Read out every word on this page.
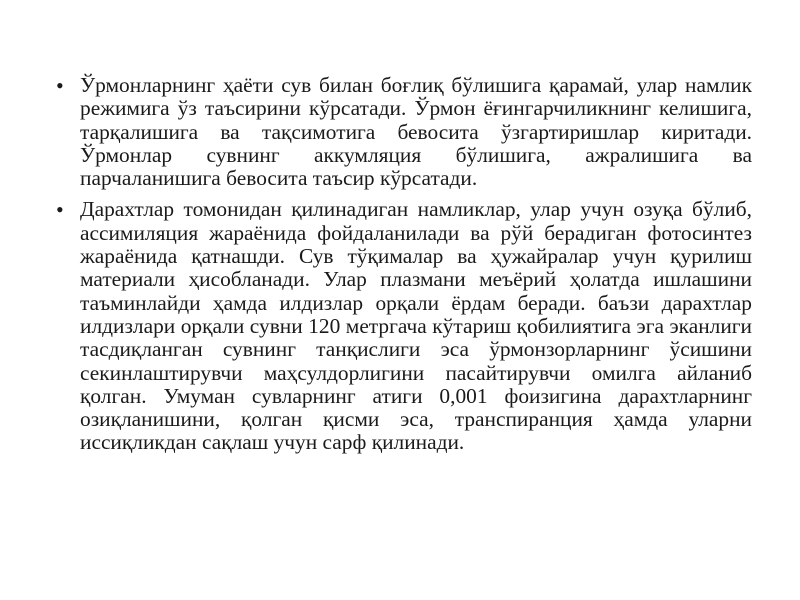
• Ўрмонларнинг ҳаёти сув билан боғлиқ бўлишига қарамай, улар намлик режимига ўз таъсирини кўрсатади. Ўрмон ёғингарчиликнинг келишига, тарқалишига ва тақсимотига бевосита ўзгартиришлар киритади. Ўрмонлар сувнинг аккумляция бўлишига, ажралишига ва парчаланишига бевосита таъсир кўрсатади.

• Дарахтлар томонидан қилинадиган намликлар, улар учун озуқа бўлиб, ассимиляция жараёнида фойдаланилади ва рўй берадиган фотосинтез жараёнида қатнашди. Сув тўқималар ва ҳужайралар учун қурилиш материали ҳисобланади. Улар плазмани меъёрий ҳолатда ишлашини таъминлайди ҳамда илдизлар орқали ёрдам беради. баъзи дарахтлар илдизлари орқали сувни 120 метргача кўтариш қобилиятига эга эканлиги тасдиқланган сувнинг танқислиги эса ўрмонзорларнинг ўсишини секинлаштирувчи маҳсулдорлигини пасайтирувчи омилга айланиб қолган. Умуман сувларнинг атиги 0,001 фоизигина дарахтларнинг озиқланишини, қолган қисми эса, транспиранция ҳамда уларни иссиқликдан сақлаш учун сарф қилинади.
